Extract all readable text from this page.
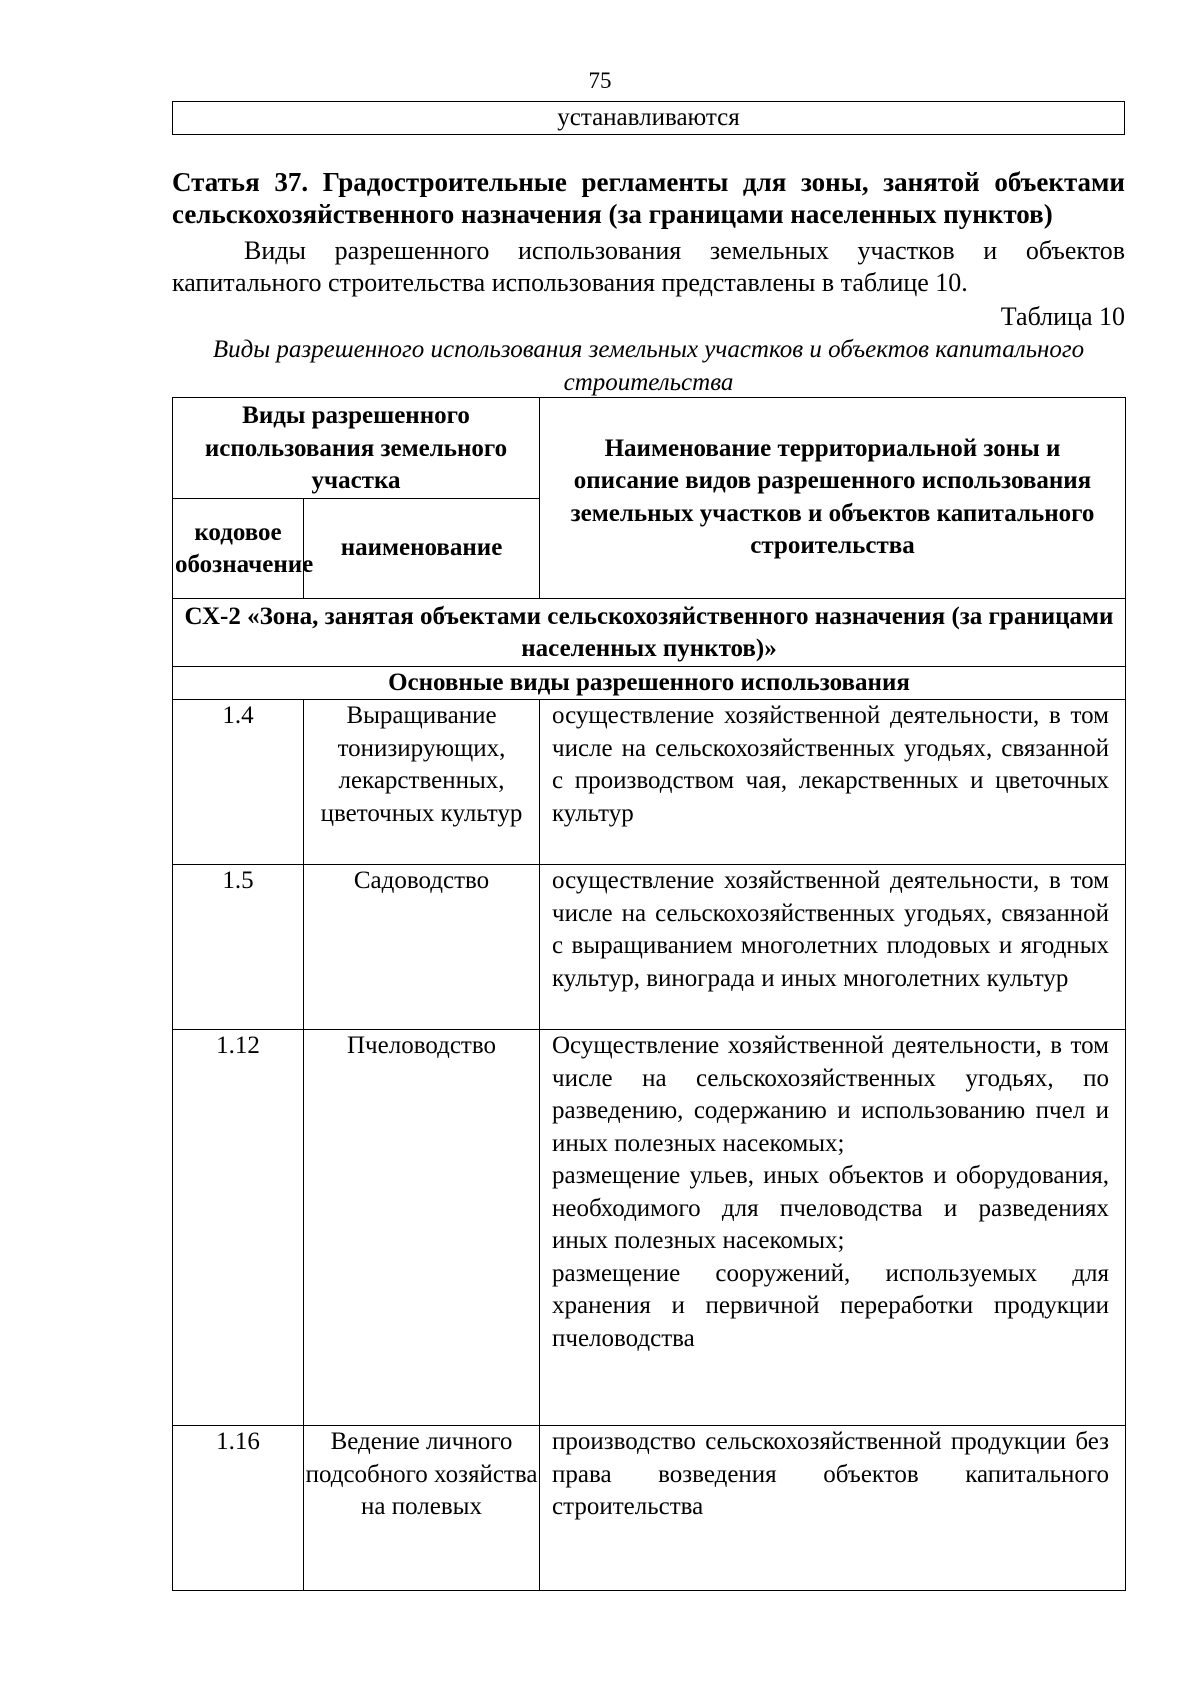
75
устанавливаются

Статья 37. Градостроительные регламенты для зоны, занятой объектами сельскохозяйственного назначения (за границами населенных пунктов)

Виды разрешенного использования земельных участков и объектов капитального строительства использования представлены в таблице 10.

Таблица 10
Виды разрешенного использования земельных участков и объектов капитального строительства
Виды разрешенного использования земельного участка		Наименование территориальной зоны и описание видов разрешенного использования земельных участков и объектов капитального строительства
кодовое обозначение	наименование	
СХ-2 «Зона, занятая объектами сельскохозяйственного назначения (за границами населенных пунктов)»		
Основные виды разрешенного использования		
1.4	Выращивание тонизирующих, лекарственных, цветочных культур	осуществление хозяйственной деятельности, в том числе на сельскохозяйственных угодьях, связанной с производством чая, лекарственных и цветочных культур

1.5	Садоводство	осуществление хозяйственной деятельности, в том числе на сельскохозяйственных угодьях, связанной с выращиванием многолетних плодовых и ягодных культур, винограда и иных многолетних культур

1.12	Пчеловодство	Осуществление хозяйственной деятельности, в том числе на сельскохозяйственных угодьях, по разведению, содержанию и использованию пчел и иных полезных насекомых;
размещение ульев, иных объектов и оборудования, необходимого для пчеловодства и разведениях иных полезных насекомых;
размещение сооружений, используемых для хранения и первичной переработки продукции пчеловодства

1.16	Ведение личного подсобного хозяйства на полевых	производство сельскохозяйственной продукции без права возведения объектов капитального строительства
